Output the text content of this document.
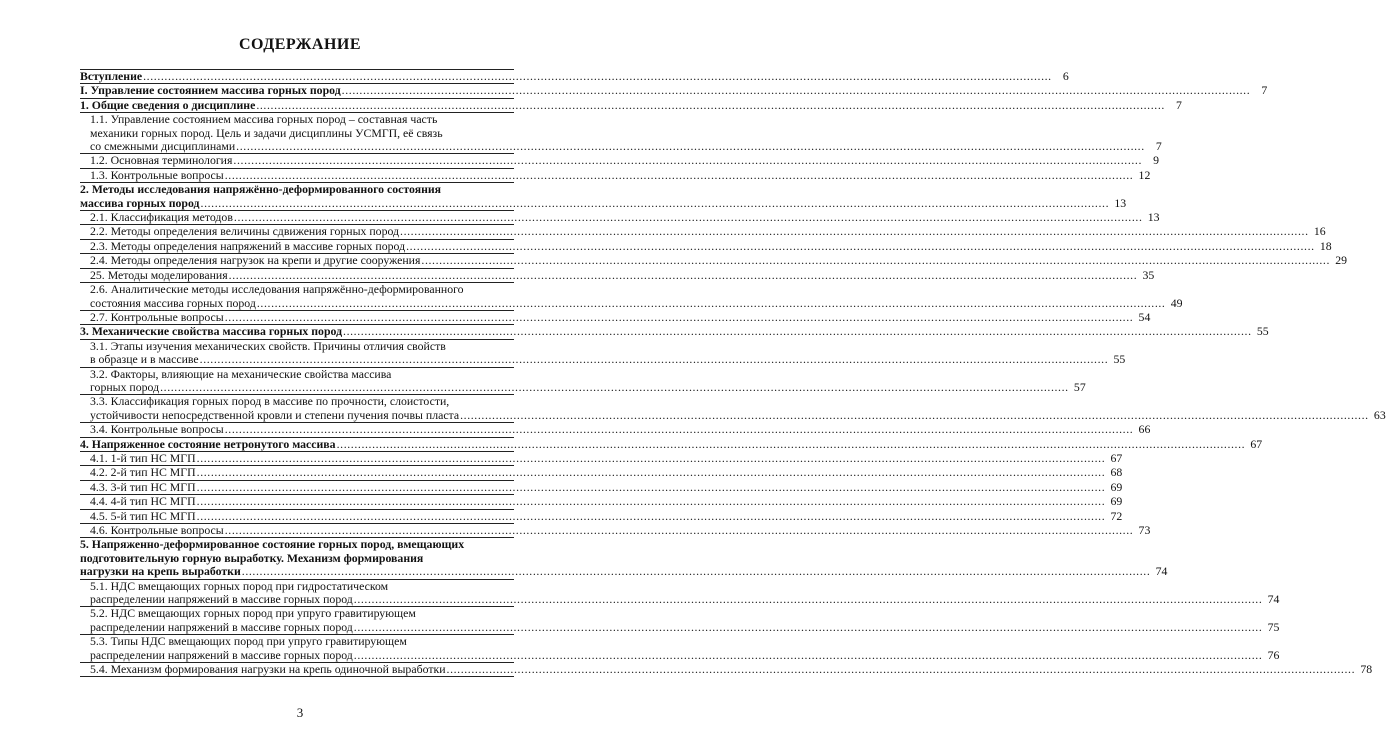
СОДЕРЖАНИЕ
Вступление .....	6
I. Управление состоянием массива горных пород .....	7
1. Общие сведения о дисциплине .....	7
1.1. Управление состоянием массива горных пород – составная часть
механики горных пород. Цель и задачи дисциплины УСМГП, её связь
со смежными дисциплинами .....	7
1.2. Основная терминология .....	9
1.3. Контрольные вопросы .....	12
2. Методы исследования напряжённо-деформированного состояния
массива горных пород .....	13
2.1. Классификация методов .....	13
2.2. Методы определения величины сдвижения горных пород .....	16
2.3. Методы определения напряжений в массиве горных пород .....	18
2.4. Методы определения нагрузок на крепи и другие сооружения .....	29
25. Методы моделирования .....	35
2.6. Аналитические методы исследования напряжённо-деформированного
состояния массива горных пород .....	49
2.7. Контрольные вопросы .....	54
3. Механические свойства массива горных пород .....	55
3.1. Этапы изучения механических свойств. Причины отличия свойств
в образце и в массиве .....	55
3.2. Факторы, влияющие на механические свойства массива
горных пород .....	57
3.3. Классификация горных пород в массиве по прочности, слоистости,
устойчивости непосредственной кровли и степени пучения почвы пласта .....	63
3.4. Контрольные вопросы .....	66
4. Напряженное состояние нетронутого массива .....	67
4.1. 1-й тип НС МГП .....	67
4.2. 2-й тип НС МГП .....	68
4.3. 3-й тип НС МГП .....	69
4.4. 4-й тип НС МГП .....	69
4.5. 5-й тип НС МГП .....	72
4.6. Контрольные вопросы .....	73
5. Напряженно-деформированное состояние горных пород, вмещающих
подготовительную горную выработку. Механизм формирования
нагрузки на крепь выработки .....	74
5.1. НДС вмещающих горных пород при гидростатическом
распределении напряжений в массиве горных пород .....	74
5.2. НДС вмещающих горных пород при упруго гравитирующем
распределении напряжений в массиве горных пород .....	75
5.3. Типы НДС вмещающих пород при упруго гравитирующем
распределении напряжений в массиве горных пород .....	76
5.4. Механизм формирования нагрузки на крепь одиночной выработки .....	78
3
